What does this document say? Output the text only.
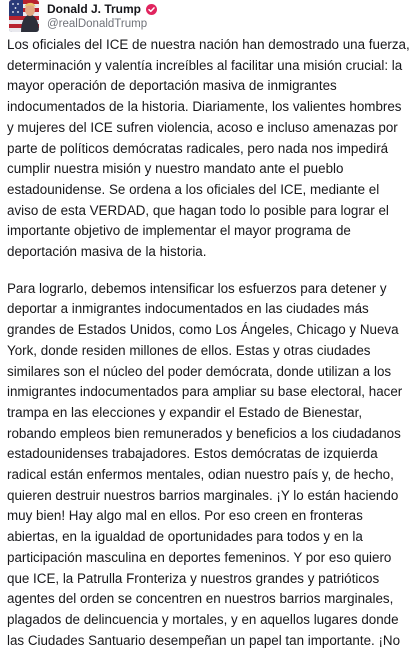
Donald J. Trump
@realDonaldTrump

Los oficiales del ICE de nuestra nación han demostrado una fuerza,
determinación y valentía increíbles al facilitar una misión crucial: la
mayor operación de deportación masiva de inmigrantes
indocumentados de la historia. Diariamente, los valientes hombres
y mujeres del ICE sufren violencia, acoso e incluso amenazas por
parte de políticos demócratas radicales, pero nada nos impedirá
cumplir nuestra misión y nuestro mandato ante el pueblo
estadounidense. Se ordena a los oficiales del ICE, mediante el
aviso de esta VERDAD, que hagan todo lo posible para lograr el
importante objetivo de implementar el mayor programa de
deportación masiva de la historia.

Para lograrlo, debemos intensificar los esfuerzos para detener y
deportar a inmigrantes indocumentados en las ciudades más
grandes de Estados Unidos, como Los Ángeles, Chicago y Nueva
York, donde residen millones de ellos. Estas y otras ciudades
similares son el núcleo del poder demócrata, donde utilizan a los
inmigrantes indocumentados para ampliar su base electoral, hacer
trampa en las elecciones y expandir el Estado de Bienestar,
robando empleos bien remunerados y beneficios a los ciudadanos
estadounidenses trabajadores. Estos demócratas de izquierda
radical están enfermos mentales, odian nuestro país y, de hecho,
quieren destruir nuestros barrios marginales. ¡Y lo están haciendo
muy bien! Hay algo mal en ellos. Por eso creen en fronteras
abiertas, en la igualdad de oportunidades para todos y en la
participación masculina en deportes femeninos. Y por eso quiero
que ICE, la Patrulla Fronteriza y nuestros grandes y patrióticos
agentes del orden se concentren en nuestros barrios marginales,
plagados de delincuencia y mortales, y en aquellos lugares donde
las Ciudades Santuario desempeñan un papel tan importante. ¡No
